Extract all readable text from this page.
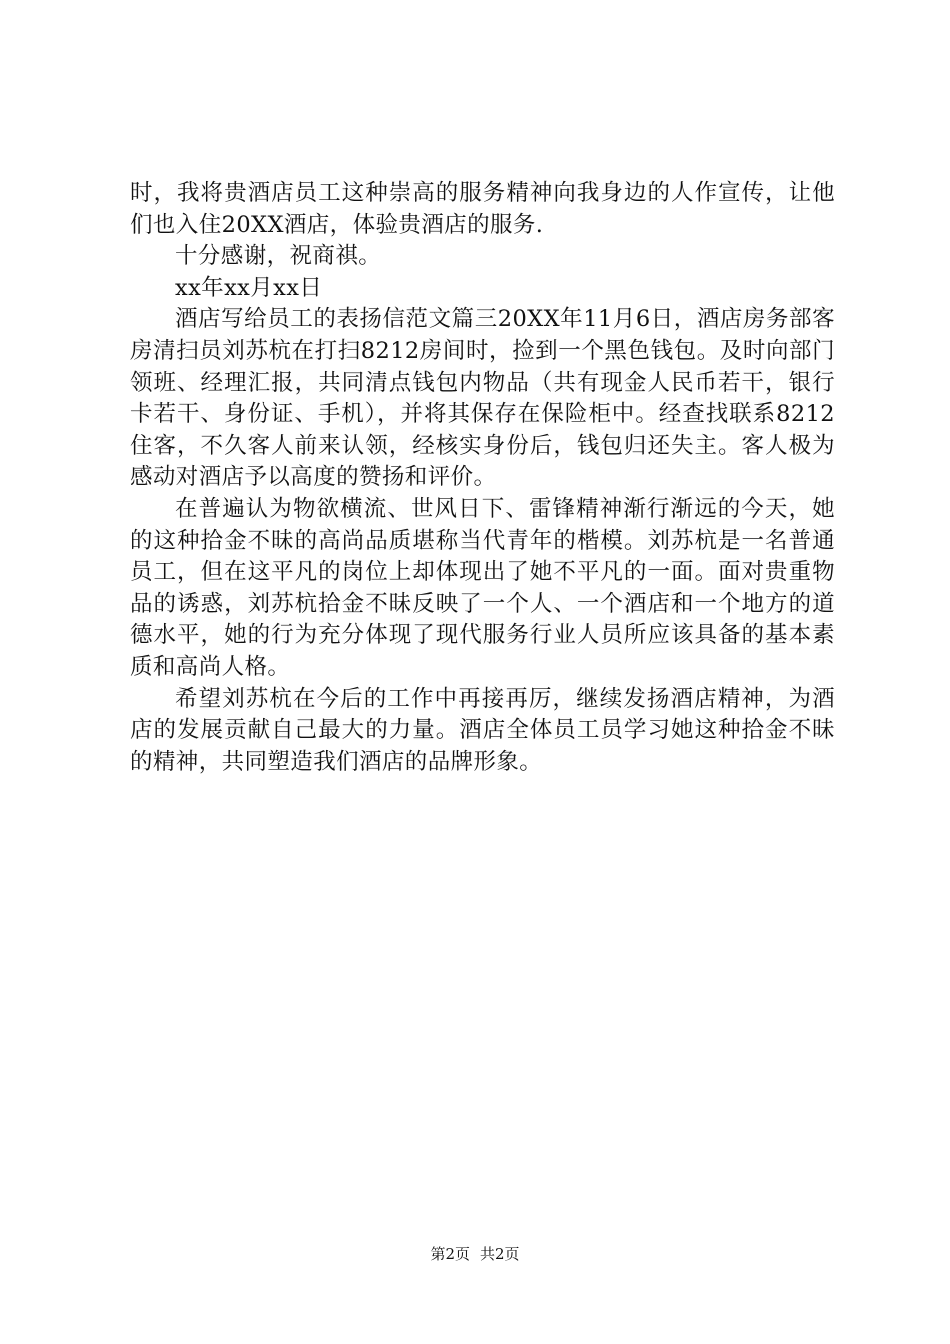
时，我将贵酒店员工这种崇高的服务精神向我身边的人作宣传，让他们也入住20XX酒店，体验贵酒店的服务.

十分感谢，祝商祺。

xx年xx月xx日

酒店写给员工的表扬信范文篇三20XX年11月6日，酒店房务部客房清扫员刘苏杭在打扫8212房间时，捡到一个黑色钱包。及时向部门领班、经理汇报，共同清点钱包内物品（共有现金人民币若干，银行卡若干、身份证、手机），并将其保存在保险柜中。经查找联系8212住客，不久客人前来认领，经核实身份后，钱包归还失主。客人极为感动对酒店予以高度的赞扬和评价。

在普遍认为物欲横流、世风日下、雷锋精神渐行渐远的今天，她的这种拾金不昧的高尚品质堪称当代青年的楷模。刘苏杭是一名普通员工，但在这平凡的岗位上却体现出了她不平凡的一面。面对贵重物品的诱惑，刘苏杭拾金不昧反映了一个人、一个酒店和一个地方的道德水平，她的行为充分体现了现代服务行业人员所应该具备的基本素质和高尚人格。

希望刘苏杭在今后的工作中再接再厉，继续发扬酒店精神，为酒店的发展贡献自己最大的力量。酒店全体员工员学习她这种拾金不昧的精神，共同塑造我们酒店的品牌形象。

第2页 共2页
